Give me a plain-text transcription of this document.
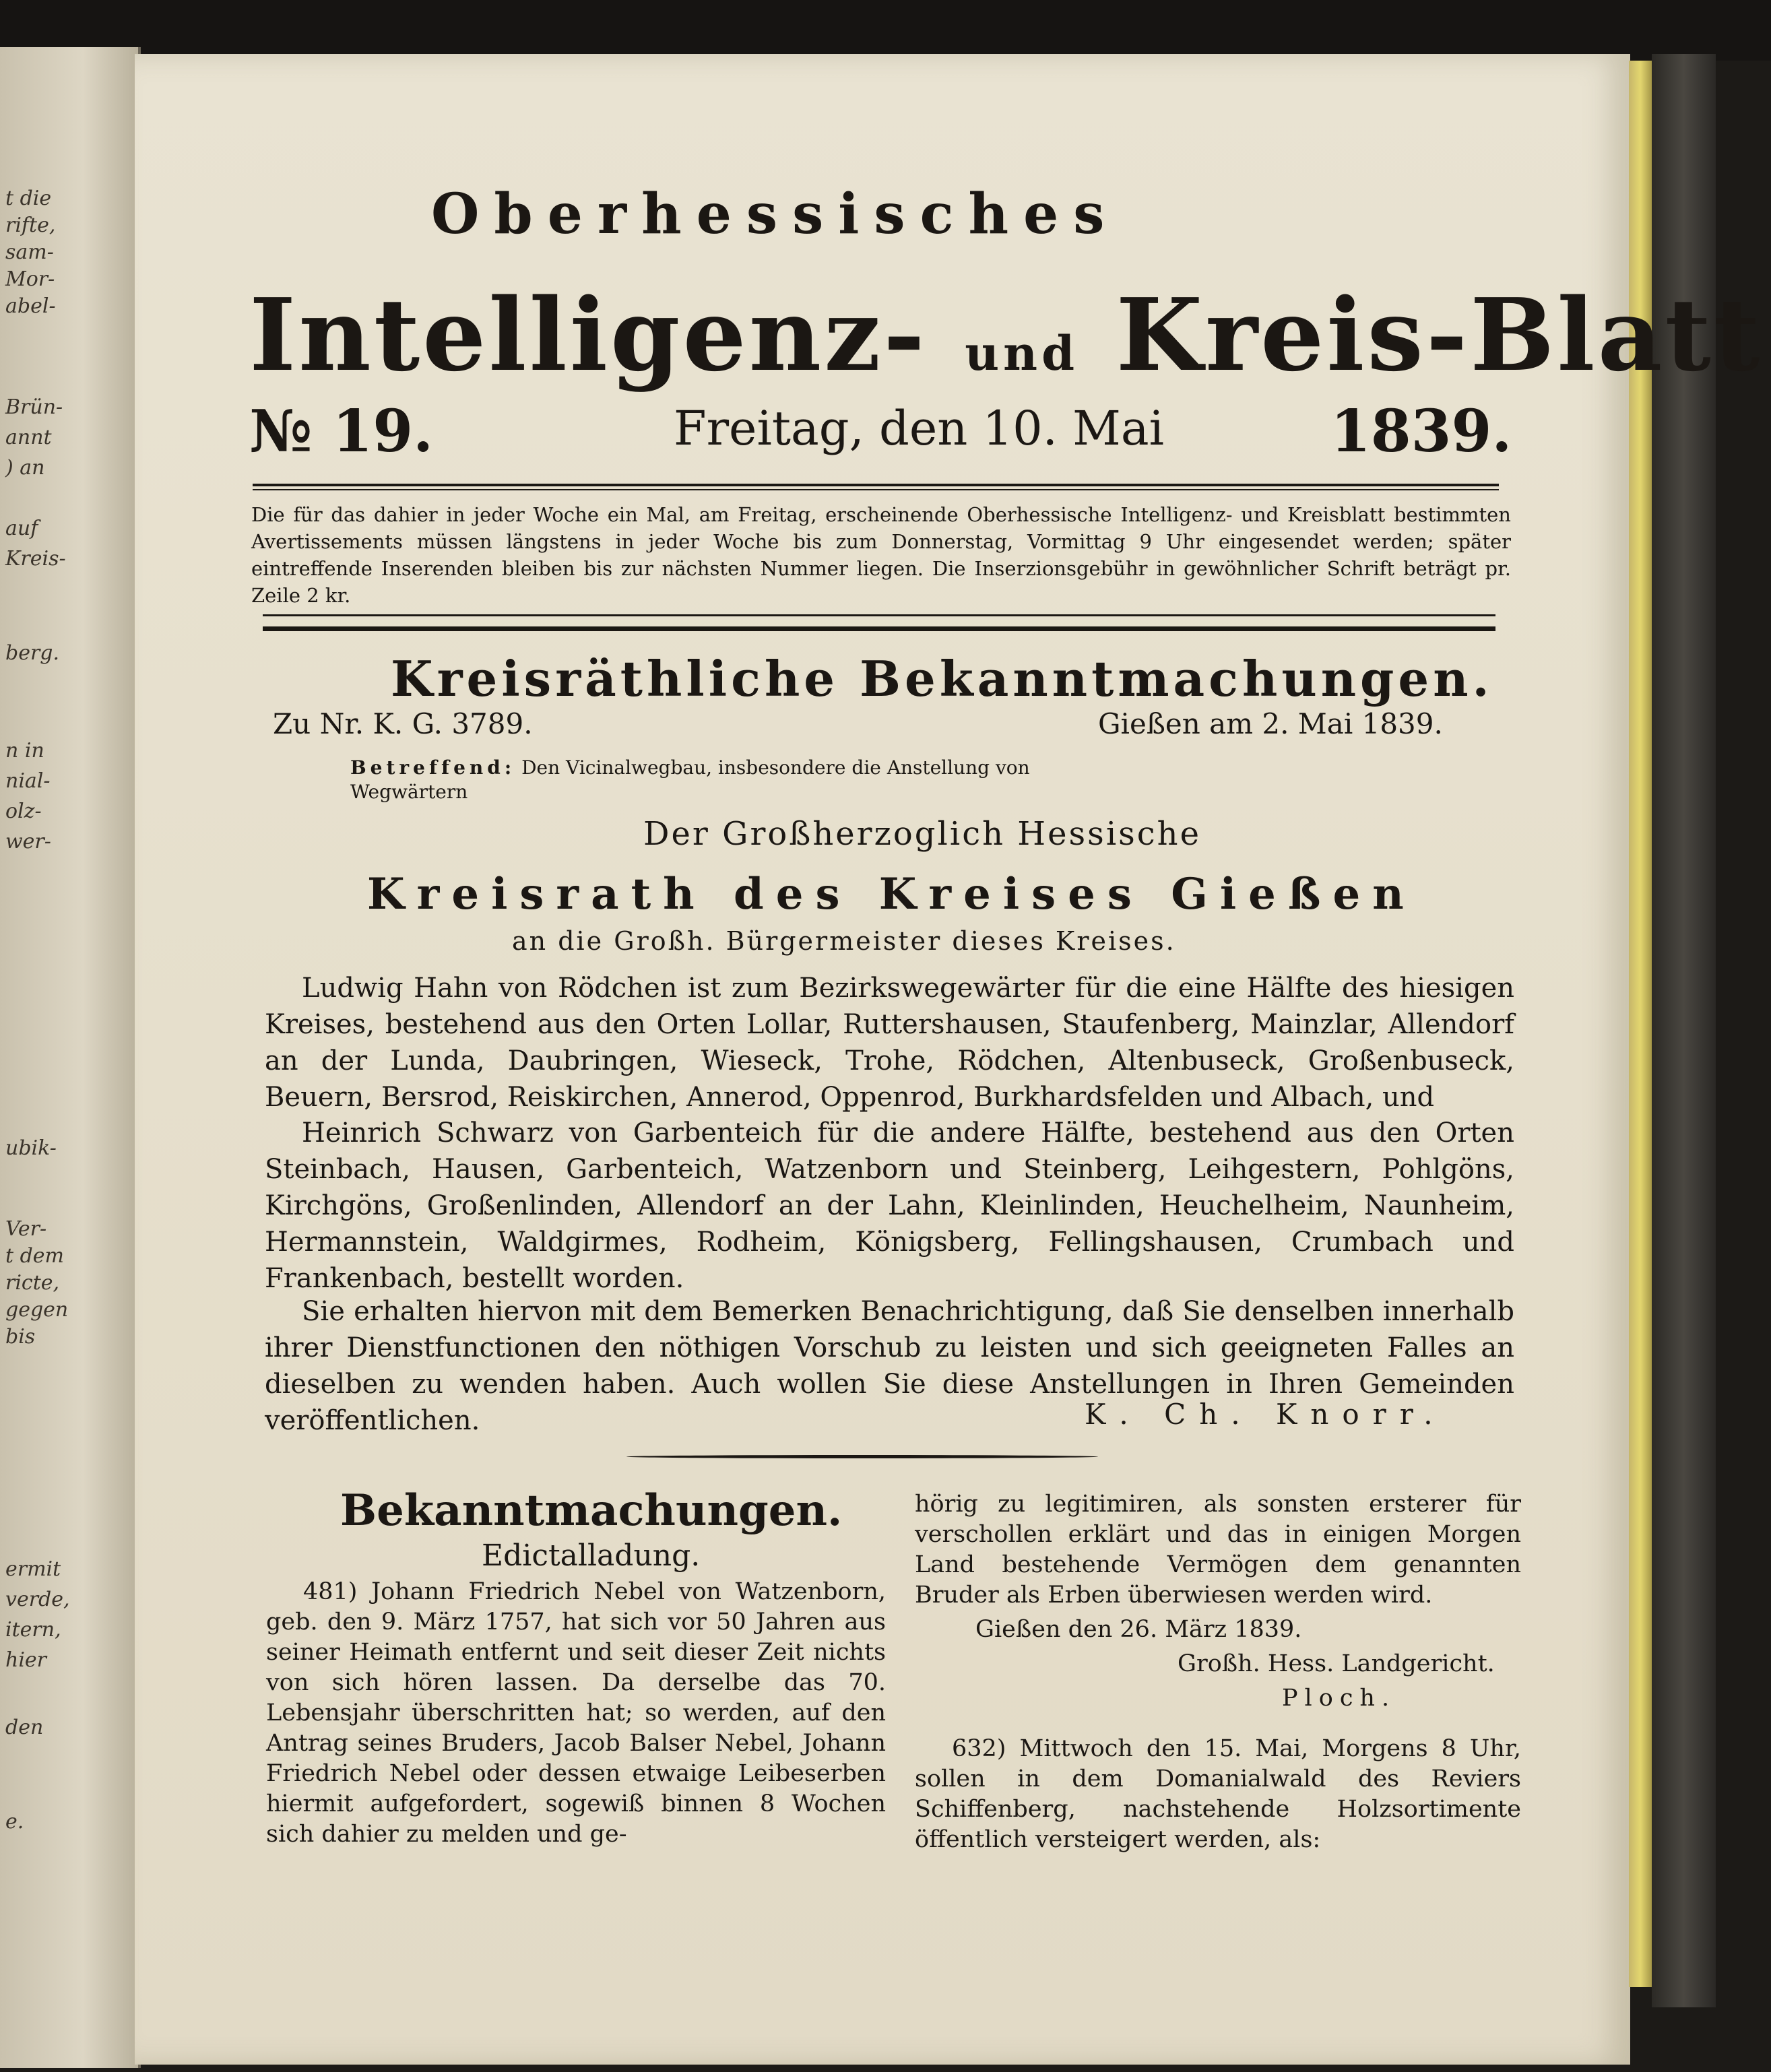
t die
rifte,
sam-
Mor-
abel-
Brün-
annt
) an
auf
Kreis-
berg.
n in
nial-
olz-
wer-
ubik-
Ver-
t dem
ricte,
gegen
bis
ermit
verde,
itern,
hier
den
e.
Oberhessisches
Intelligenz- und Kreis-Blatt
№ 19.	Freitag, den 10. Mai	1839.
Die für das dahier in jeder Woche ein Mal, am Freitag, erscheinende Oberhessische Intelligenz- und Kreisblatt bestimmten Avertissements müssen längstens in jeder Woche bis zum Donnerstag, Vormittag 9 Uhr eingesendet werden; später eintreffende Inserenden bleiben bis zur nächsten Nummer liegen. Die Inserzionsgebühr in gewöhnlicher Schrift beträgt pr. Zeile 2 kr.
Kreisräthliche Bekanntmachungen.
Zu Nr. K. G. 3789.	Gießen am 2. Mai 1839.
Betreffend: Den Vicinalwegbau, insbesondere die Anstellung von Wegwärtern
Der Großherzoglich Hessische
Kreisrath des Kreises Gießen
an die Großh. Bürgermeister dieses Kreises.
Ludwig Hahn von Rödchen ist zum Bezirkswegewärter für die eine Hälfte des hiesigen Kreises, bestehend aus den Orten Lollar, Ruttershausen, Staufenberg, Mainzlar, Allendorf an der Lunda, Daubringen, Wieseck, Trohe, Rödchen, Altenbuseck, Großenbuseck, Beuern, Bersrod, Reiskirchen, Annerod, Oppenrod, Burkhardsfelden und Albach, und
Heinrich Schwarz von Garbenteich für die andere Hälfte, bestehend aus den Orten Steinbach, Hausen, Garbenteich, Watzenborn und Steinberg, Leihgestern, Pohlgöns, Kirchgöns, Großenlinden, Allendorf an der Lahn, Kleinlinden, Heuchelheim, Naunheim, Hermannstein, Waldgirmes, Rodheim, Königsberg, Fellingshausen, Crumbach und Frankenbach, bestellt worden.
Sie erhalten hiervon mit dem Bemerken Benachrichtigung, daß Sie denselben innerhalb ihrer Dienstfunctionen den nöthigen Vorschub zu leisten und sich geeigneten Falles an dieselben zu wenden haben. Auch wollen Sie diese Anstellungen in Ihren Gemeinden veröffentlichen.	K. Ch. Knorr.
Bekanntmachungen.
Edictalladung.
481) Johann Friedrich Nebel von Watzenborn, geb. den 9. März 1757, hat sich vor 50 Jahren aus seiner Heimath entfernt und seit dieser Zeit nichts von sich hören lassen. Da derselbe das 70. Lebensjahr überschritten hat; so werden, auf den Antrag seines Bruders, Jacob Balser Nebel, Johann Friedrich Nebel oder dessen etwaige Leibeserben hiermit aufgefordert, sogewiß binnen 8 Wochen sich dahier zu melden und ge-
hörig zu legitimiren, als sonsten ersterer für verschollen erklärt und das in einigen Morgen Land bestehende Vermögen dem genannten Bruder als Erben überwiesen werden wird.
Gießen den 26. März 1839.
Großh. Hess. Landgericht.
Ploch.
632) Mittwoch den 15. Mai, Morgens 8 Uhr, sollen in dem Domanialwald des Reviers Schiffenberg, nachstehende Holzsortimente öffentlich versteigert werden, als:
